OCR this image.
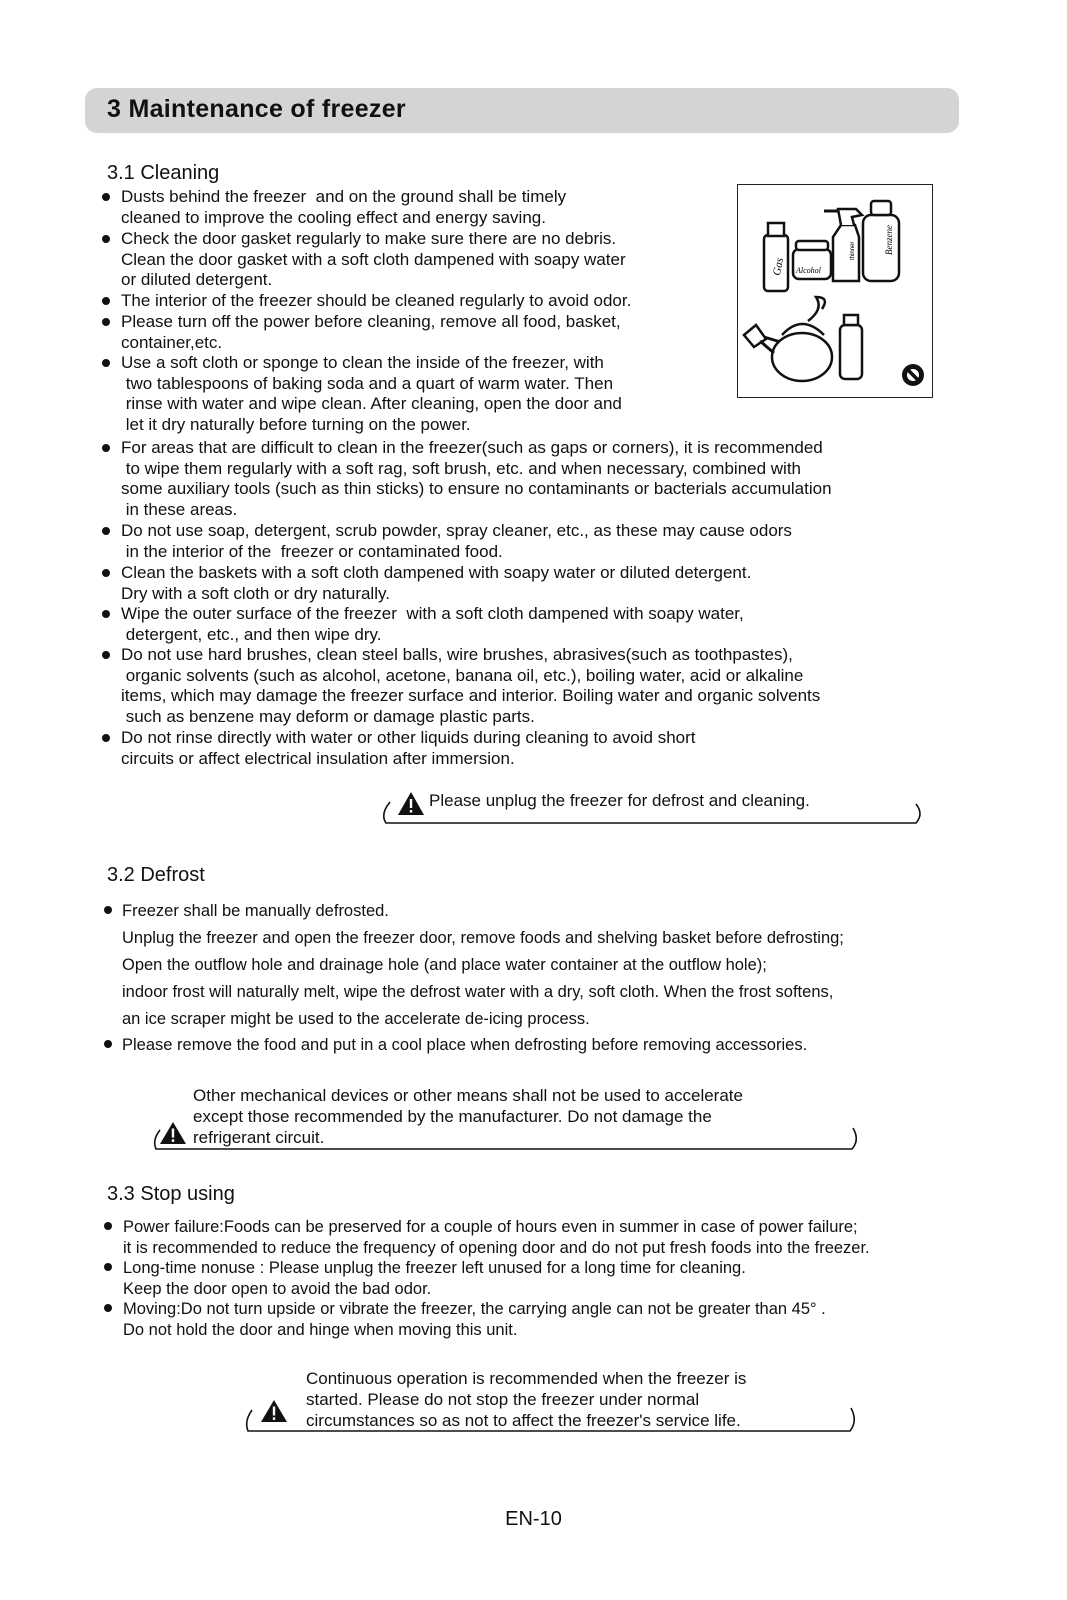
3 Maintenance of freezer
3.1 Cleaning
Dusts behind the freezer  and on the ground shall be timely
cleaned to improve the cooling effect and energy saving.
Check the door gasket regularly to make sure there are no debris.
Clean the door gasket with a soft cloth dampened with soapy water
or diluted detergent.
The interior of the freezer should be cleaned regularly to avoid odor.
Please turn off the power before cleaning, remove all food, basket,
container,etc.
Use a soft cloth or sponge to clean the inside of the freezer, with
two tablespoons of baking soda and a quart of warm water. Then
rinse with water and wipe clean. After cleaning, open the door and
let it dry naturally before turning on the power.
For areas that are difficult to clean in the freezer(such as gaps or corners), it is recommended
to wipe them regularly with a soft rag, soft brush, etc. and when necessary, combined with
some auxiliary tools (such as thin sticks) to ensure no contaminants or bacterials accumulation
in these areas.
Do not use soap, detergent, scrub powder, spray cleaner, etc., as these may cause odors
in the interior of the  freezer or contaminated food.
Clean the baskets with a soft cloth dampened with soapy water or diluted detergent.
Dry with a soft cloth or dry naturally.
Wipe the outer surface of the freezer  with a soft cloth dampened with soapy water,
detergent, etc., and then wipe dry.
Do not use hard brushes, clean steel balls, wire brushes, abrasives(such as toothpastes),
organic solvents (such as alcohol, acetone, banana oil, etc.), boiling water, acid or alkaline
items, which may damage the freezer surface and interior. Boiling water and organic solvents
such as benzene may deform or damage plastic parts.
Do not rinse directly with water or other liquids during cleaning to avoid short
circuits or affect electrical insulation after immersion.
Gas Alcohol
thinner	Benzene
Please unplug the freezer for defrost and cleaning.
3.2 Defrost
Freezer shall be manually defrosted.
Unplug the freezer and open the freezer door, remove foods and shelving basket before defrosting;
Open the outflow hole and drainage hole (and place water container at the outflow hole);
indoor frost will naturally melt, wipe the defrost water with a dry, soft cloth. When the frost softens,
an ice scraper might be used to the accelerate de-icing process.
Please remove the food and put in a cool place when defrosting before removing accessories.
Other mechanical devices or other means shall not be used to accelerate
except those recommended by the manufacturer. Do not damage the
refrigerant circuit.
3.3 Stop using
Power failure:Foods can be preserved for a couple of hours even in summer in case of power failure;
it is recommended to reduce the frequency of opening door and do not put fresh foods into the freezer.
Long-time nonuse : Please unplug the freezer left unused for a long time for cleaning.
Keep the door open to avoid the bad odor.
Moving:Do not turn upside or vibrate the freezer, the carrying angle can not be greater than 45° .
Do not hold the door and hinge when moving this unit.
Continuous operation is recommended when the freezer is
started. Please do not stop the freezer under normal
circumstances so as not to affect the freezer's service life.
EN-10
